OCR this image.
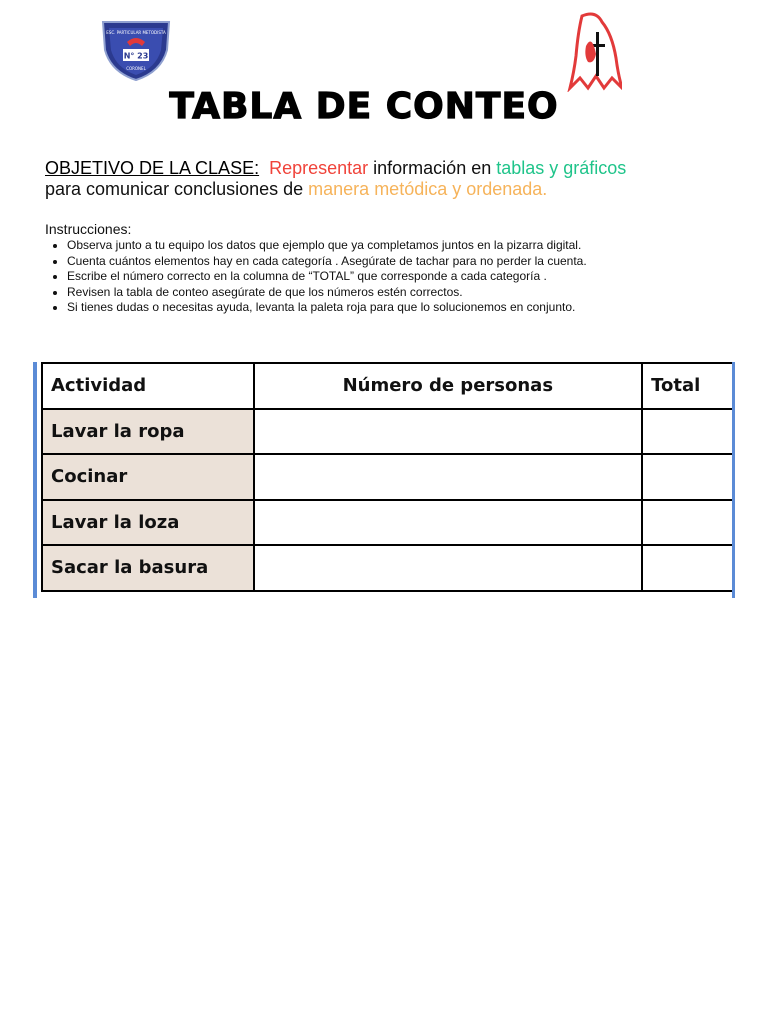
N° 23
ESC. PARTICULAR METODISTA
CORONEL
TABLA DE CONTEO
OBJETIVO DE LA CLASE: Representar información en tablas y gráficos
para comunicar conclusiones de manera metódica y ordenada.
Instrucciones:
• Observa junto a tu equipo los datos que ejemplo que ya completamos juntos en la pizarra digital.
• Cuenta cuántos elementos hay en cada categoría . Asegúrate de tachar para no perder la cuenta.
• Escribe el número correcto en la columna de “TOTAL” que corresponde a cada categoría .
• Revisen la tabla de conteo asegúrate de que los números estén correctos.
• Si tienes dudas o necesitas ayuda, levanta la paleta roja para que lo solucionemos en conjunto.
Actividad	Número de personas	Total
Lavar la ropa		
Cocinar		
Lavar la loza		
Sacar la basura		
